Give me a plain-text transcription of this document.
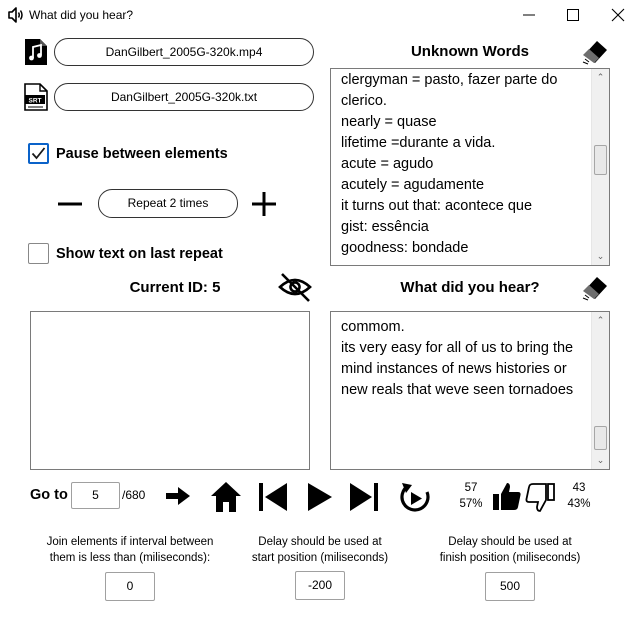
What did you hear?
DanGilbert_2005G-320k.mp4
SRT	DanGilbert_2005G-320k.txt
Pause between elements
Repeat 2 times
Show text on last repeat
Unknown Words
clergyman = pasto, fazer parte do
clerico.
nearly = quase
lifetime =durante a vida.
acute = agudo
acutely = agudamente
it turns out that: acontece que
gist: essência
goodness: bondade
⌃
⌄
Current ID: 5	What did you hear?
commom.
its very easy for all of us to bring the
mind instances of news histories or
new reals that weve seen tornadoes
⌃
⌄
Go to	5	/680	57
57%
43
43%
Join elements if interval between
them is less than (miliseconds):
0
Delay should be used at
start position (miliseconds)
-200
Delay should be used at
finish position (miliseconds)
500
